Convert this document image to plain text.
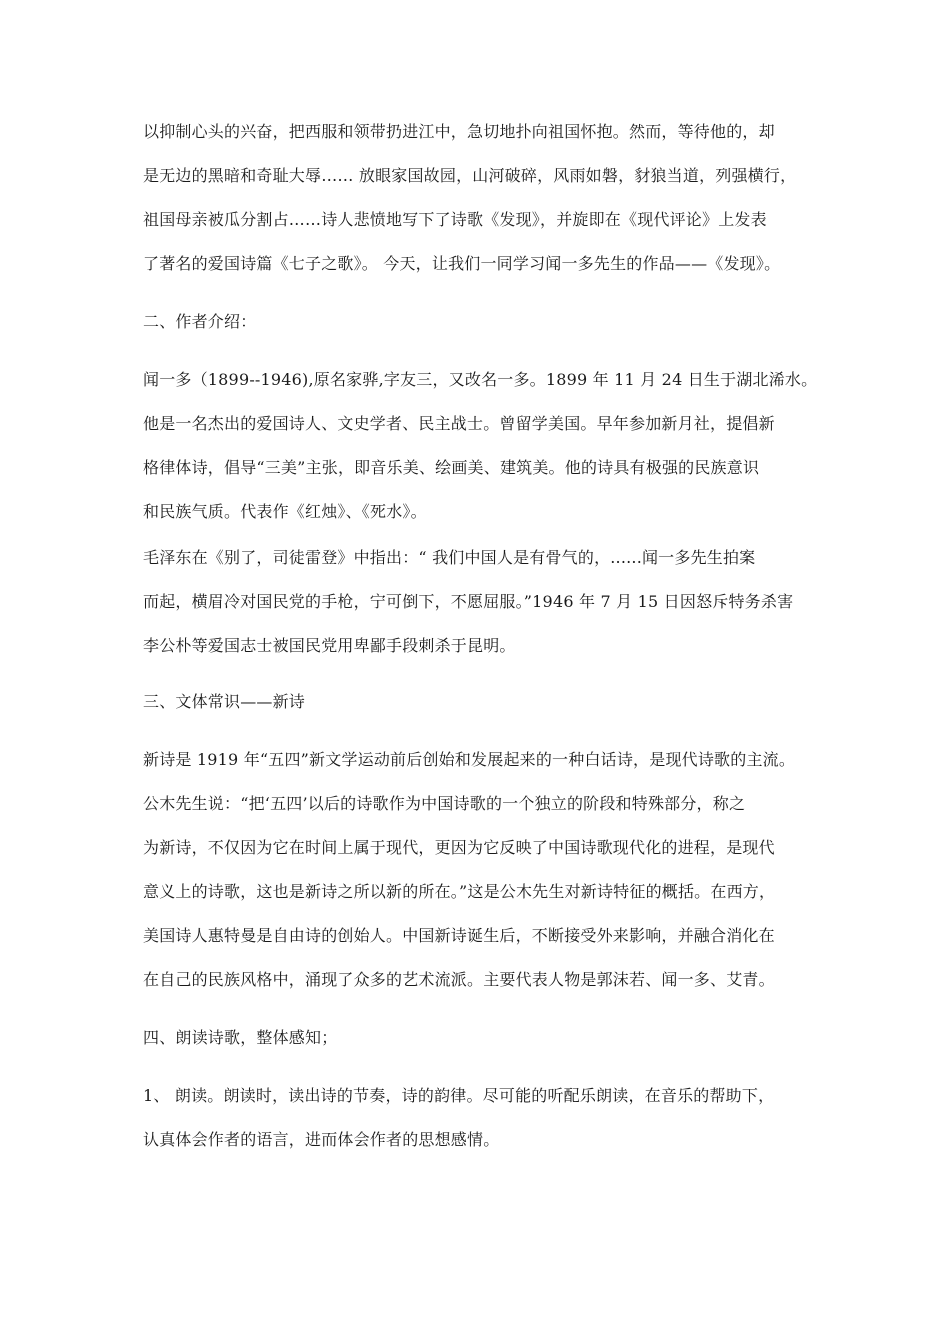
以抑制心头的兴奋，把西服和领带扔进江中，急切地扑向祖国怀抱。然而，等待他的，却
是无边的黑暗和奇耻大辱…… 放眼家国故园，山河破碎，风雨如磐，豺狼当道，列强横行，
祖国母亲被瓜分割占……诗人悲愤地写下了诗歌《发现》，并旋即在《现代评论》上发表
了著名的爱国诗篇《七子之歌》。 今天，让我们一同学习闻一多先生的作品——《发现》。
二、作者介绍：
闻一多（1899--1946),原名家骅,字友三，又改名一多。1899 年 11 月 24 日生于湖北浠水。
他是一名杰出的爱国诗人、文史学者、民主战士。曾留学美国。早年参加新月社，提倡新
格律体诗，倡导“三美”主张，即音乐美、绘画美、建筑美。他的诗具有极强的民族意识
和民族气质。代表作《红烛》、《死水》。
毛泽东在《别了，司徒雷登》中指出：“ 我们中国人是有骨气的，......闻一多先生拍案
而起，横眉冷对国民党的手枪，宁可倒下，不愿屈服。”1946 年 7 月 15 日因怒斥特务杀害
李公朴等爱国志士被国民党用卑鄙手段刺杀于昆明。
三、文体常识——新诗
新诗是 1919 年“五四”新文学运动前后创始和发展起来的一种白话诗，是现代诗歌的主流。
公木先生说：“把‘五四’以后的诗歌作为中国诗歌的一个独立的阶段和特殊部分，称之
为新诗，不仅因为它在时间上属于现代，更因为它反映了中国诗歌现代化的进程，是现代
意义上的诗歌，这也是新诗之所以新的所在。”这是公木先生对新诗特征的概括。在西方，
美国诗人惠特曼是自由诗的创始人。中国新诗诞生后，不断接受外来影响，并融合消化在
在自己的民族风格中，涌现了众多的艺术流派。主要代表人物是郭沫若、闻一多、艾青。
四、朗读诗歌，整体感知；
1、 朗读。朗读时，读出诗的节奏，诗的韵律。尽可能的听配乐朗读，在音乐的帮助下，
认真体会作者的语言，进而体会作者的思想感情。
